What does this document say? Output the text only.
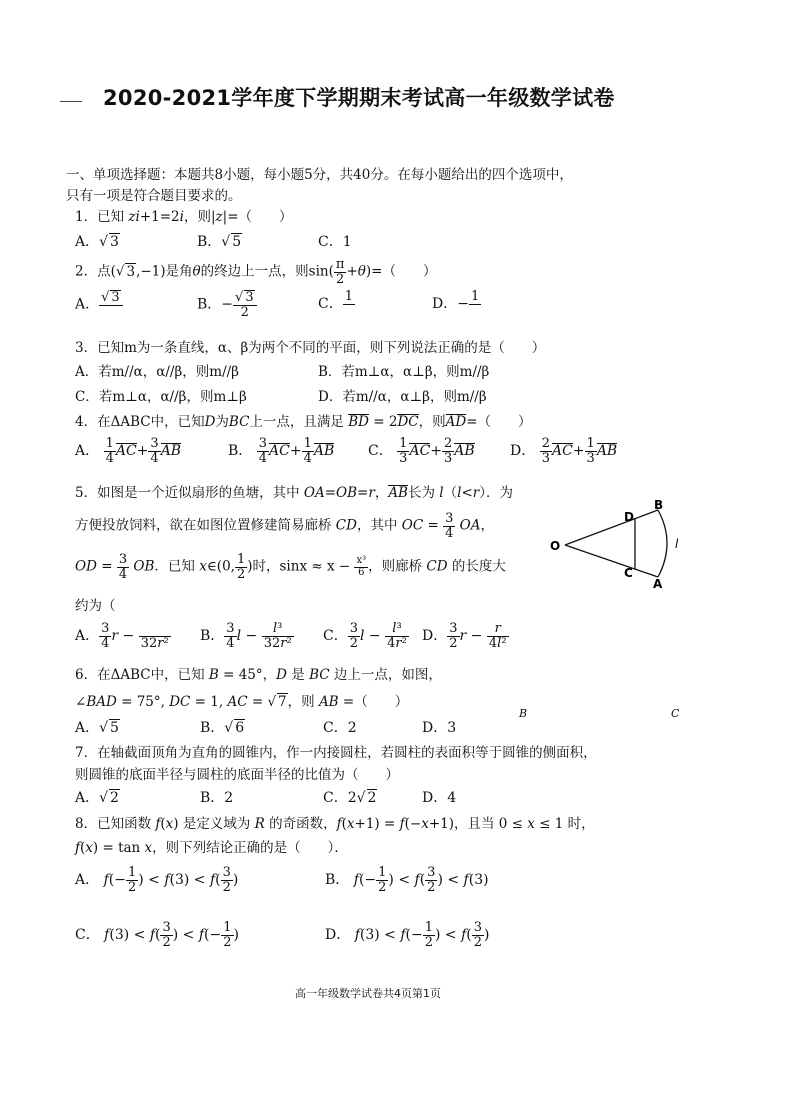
2020-2021学年度下学期期末考试高一年级数学试卷
一、单项选择题：本题共8小题，每小题5分，共40分。在每小题给出的四个选项中，
只有一项是符合题目要求的。
1．已知 zi+1=2i，则|z|=（　　）
A．√ 3	B．√ 5	C．1
2．点(√ 3,−1)是角θ的终边上一点，则$\sin( \frac{\pi}{2} +\theta)=$（　　）
A． √ 3
	B．− $\frac{√ 3}{2}$	C． 1
	D．− 1

3．已知m为一条直线，α、β为两个不同的平面，则下列说法正确的是（　　）
A．若m//α，α//β，则m//β	B．若m⊥α，α⊥β，则m//β
C．若m⊥α，α//β，则m⊥β	D．若m//α，α⊥β，则m//β
4．在ΔABC中，已知D为BC上一点，且满足 BD = 2DC，则AD=（　　）
A． $\frac{1}{4} AC+ \frac{3}{4}$ AB	B． $\frac{3}{4} AC+ \frac{1}{4}$ AB C． $\frac{1}{3} AC+ \frac{2}{3}$ AB	D． $\frac{2}{3} AC+ \frac{1}{3}$ AB
5．如图是一个近似扇形的鱼塘，其中 OA=OB=r，AB长为 l（l<r）．为
方便投放饲料，欲在如图位置修建简易廊桥 CD，其中 OC = $\frac{3}{4}$ OA，
OD = $\frac{3}{4}$ OB．已知 x∈(0, $\frac{1}{2}$ )时，$\sin x \approx x - \frac{\text{x³}}{6}$ ，则廊桥 CD 的长度大
约为（
A． $\frac{3}{4}$ r −
32r² B． $\frac{3}{4}$ $l - \frac{\text{l³}}{\text{32r²}}$ C． $\frac{3}{2}$ $l - \frac{\text{l³}}{\text{4r²}}$ D． $\frac{3}{2}$ $r - \frac{r}{\text{4l²}}$
O
D
B
C
A
l
6．在ΔABC中，已知 B = 45°，D 是 BC 边上一点，如图，
∠BAD = 75°, DC = 1, AC = √ 7，则 AB =（　　）
A．√ 5	B．√ 6	C．2	D．3
B	C
7．在轴截面顶角为直角的圆锥内，作一内接圆柱，若圆柱的表面积等于圆锥的侧面积，
则圆锥的底面半径与圆柱的底面半径的比值为（　　）
A．√ 2	B．2	C．2√ 2	D．4
8．已知函数 f(x) 是定义域为 R 的奇函数，f(x+1) = f(−x+1)，且当 0 ≤ x ≤ 1 时，
f(x) = tan x，则下列结论正确的是（　　）．
A． $f(- \frac{1}{2}$ ) < $f(3) < f( \frac{3}{2}$ )	B． $f(- \frac{1}{2}$ ) < $f( \frac{3}{2}$ ) < f(3)
C． $f(3) < f( \frac{3}{2}$ ) < $f(- \frac{1}{2}$ )	D． $f(3) < f(- \frac{1}{2}$ ) < $f( \frac{3}{2}$ )
高一年级数学试卷共4页第1页
